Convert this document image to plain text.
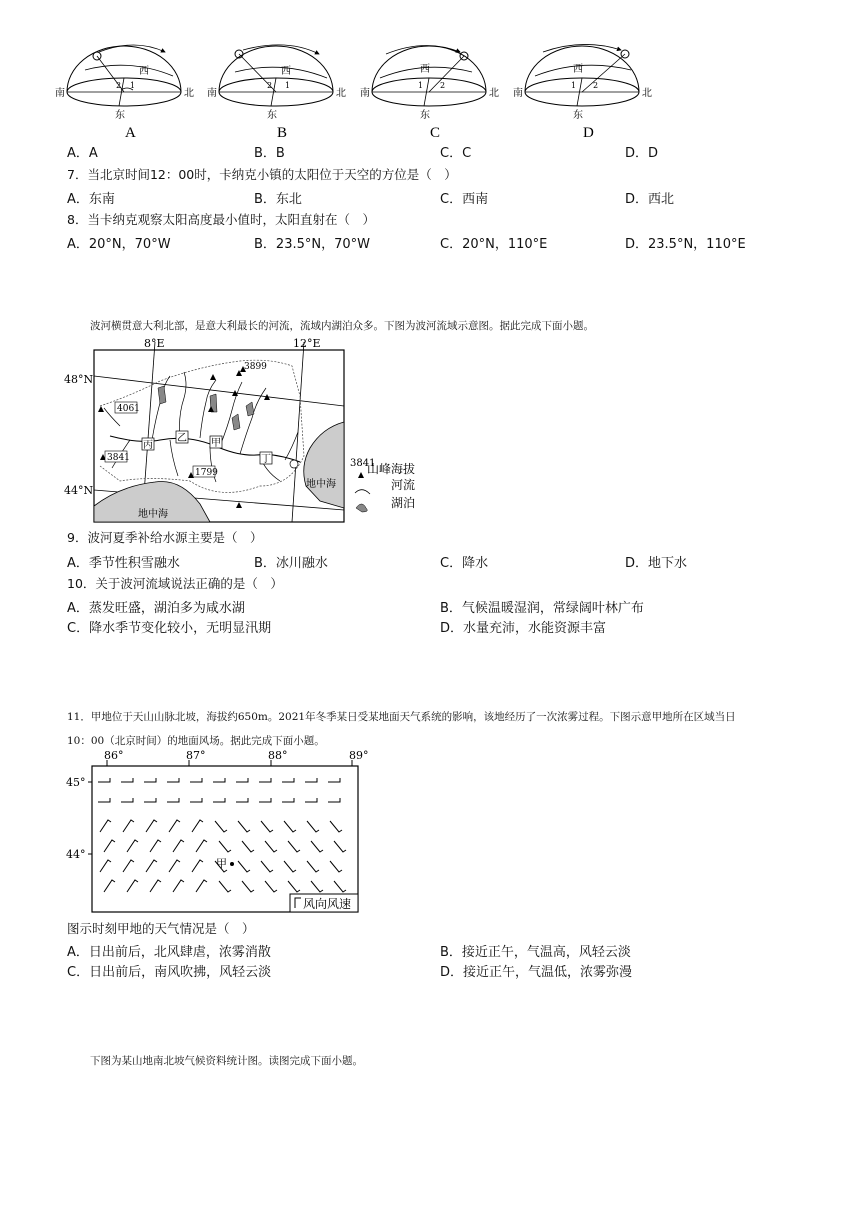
西
2 1
南	北
东
A
西
2 1
南	北
东
B
西
1 2
南	北
东
C
西
1 2
南	北
东
D
A．A	B．B	C．C	D．D
7．当北京时间12：00时，卡纳克小镇的太阳位于天空的方位是（　）
A．东南	B．东北	C．西南	D．西北
8．当卡纳克观察太阳高度最小值时，太阳直射在（　）
A．20°N，70°W	B．23.5°N，70°W	C．20°N，110°E	D．23.5°N，110°E
波河横贯意大利北部，是意大利最长的河流，流域内湖泊众多。下图为波河流域示意图。据此完成下面小题。
8°E	12°E
48°N
44°N
3899
4061
3841
1799
丙
乙 甲
丁
地中海
地中海
3841
山峰海拔
河流
湖泊
9．波河夏季补给水源主要是（　）
A．季节性积雪融水	B．冰川融水	C．降水	D．地下水
10．关于波河流域说法正确的是（　）
A．蒸发旺盛，湖泊多为咸水湖	B．气候温暖湿润，常绿阔叶林广布
C．降水季节变化较小，无明显汛期	D．水量充沛，水能资源丰富
11．甲地位于天山山脉北坡，海拔约650m。2021年冬季某日受某地面天气系统的影响，该地经历了一次浓雾过程。下图示意甲地所在区域当日
10：00（北京时间）的地面风场。据此完成下面小题。
86°	87°	88°	89°
45°
44°
甲
风向风速
图示时刻甲地的天气情况是（　）
A．日出前后，北风肆虐，浓雾消散	B．接近正午，气温高，风轻云淡
C．日出前后，南风吹拂，风轻云淡	D．接近正午，气温低，浓雾弥漫
下图为某山地南北坡气候资料统计图。读图完成下面小题。
